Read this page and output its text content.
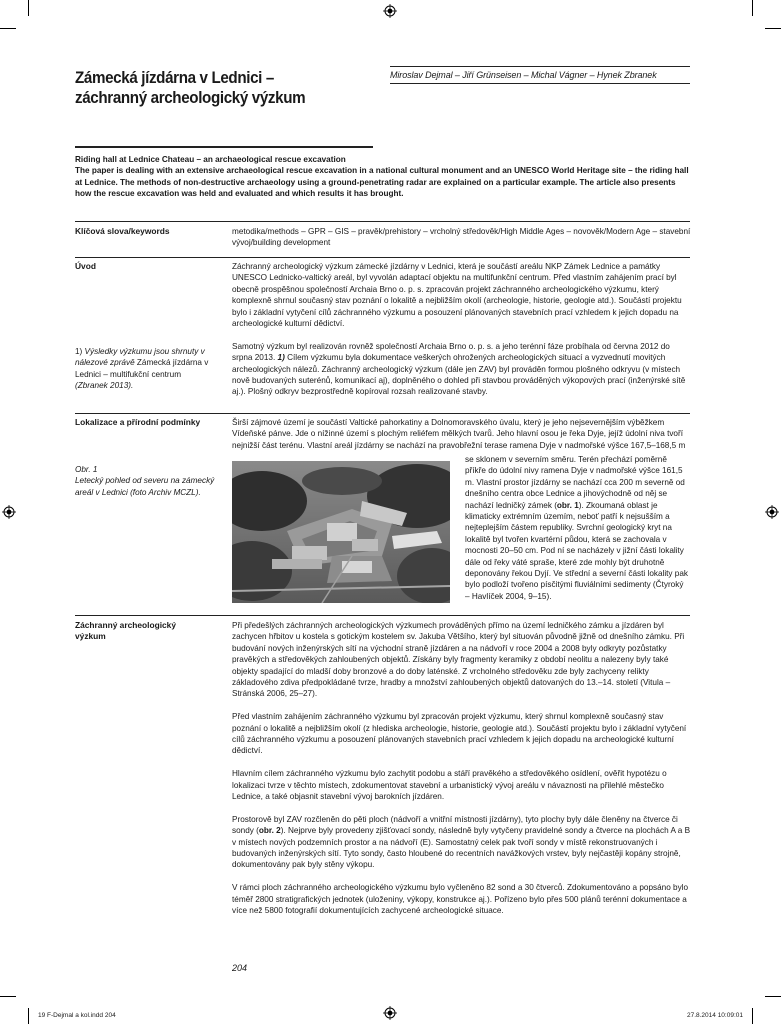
Zámecká jízdárna v Lednici –
záchranný archeologický výzkum
Miroslav Dejmal – Jiří Grünseisen – Michal Vágner – Hynek Zbranek
Riding hall at Lednice Chateau – an archaeological rescue excavation
The paper is dealing with an extensive archaeological rescue excavation in a national cultural monument and an UNESCO World Heritage site – the riding hall at Lednice. The methods of non-destructive archaeology using a ground-penetrating radar are explained on a particular example. The article also presents how the rescue excavation was held and evaluated and which results it has brought.
Klíčová slova/keywords	metodika/methods – GPR – GIS – pravěk/prehistory – vrcholný středověk/High Middle Ages – novověk/Modern Age – stavební vývoj/building development
Úvod	Záchranný archeologický výzkum zámecké jízdárny v Lednici, která je součástí areálu NKP Zámek Lednice a památky UNESCO Lednicko-valtický areál, byl vyvolán adaptací objektu na multifunkční centrum. Před vlastním zahájením prací byl obecně prospěšnou společností Archaia Brno o. p. s. zpracován projekt záchranného archeologického výzkumu, který komplexně shrnul současný stav poznání o lokalitě a nejbližším okolí (archeologie, historie, geologie atd.). Součástí projektu bylo i základní vytyčení cílů záchranného výzkumu a posouzení plánovaných stavebních prací vzhledem k jejich dopadu na archeologické kulturní dědictví.

Samotný výzkum byl realizován rovněž společností Archaia Brno o. p. s. a jeho terénní fáze probíhala od června 2012 do srpna 2013. 1) Cílem výzkumu byla dokumentace veškerých ohrožených archeologických situací a vyzvednutí movitých archeologických nálezů. Záchranný archeologický výzkum (dále jen ZAV) byl prováděn formou plošného odkryvu (v místech nově budovaných suterénů, komunikací aj), doplněného o dohled při stavbou prováděných výkopových prací (inženýrské sítě aj.). Plošný odkryv bezprostředně kopíroval rozsah realizované stavby.

1) Výsledky výzkumu jsou shrnuty v nálezové zprávě Zámecká jízdárna v Lednici – multifukční centrum
(Zbranek 2013).
Lokalizace a přírodní podmínky	Širší zájmové území je součástí Valtické pahorkatiny a Dolnomoravského úvalu, který je jeho nejsevernějším výběžkem Vídeňské pánve. Jde o nížinné území s plochým reliéfem mělkých tvarů. Jeho hlavní osou je řeka Dyje, jejíž údolní niva tvoří nejnižší část terénu. Vlastní areál jízdárny se nachází na pravobřežní terase ramena Dyje v nadmořské výšce 167,5–168,5 m
Obr. 1
Letecký pohled od severu na zámecký areál v Lednici (foto Archiv MCZL).
se sklonem v severním směru. Terén přechází poměrně příkře do údolní nivy ramena Dyje v nadmořské výšce 161,5 m. Vlastní prostor jízdárny se nachází cca 200 m severně od dnešního centra obce Lednice a jihovýchodně od něj se nachází ledničký zámek (obr. 1). Zkoumaná oblast je klimaticky extrémním územím, neboť patří k nejsušším a nejteplejším částem republiky. Svrchní geologický kryt na lokalitě byl tvořen kvartérní půdou, která se zachovala v mocnosti 20–50 cm. Pod ní se nacházely v jižní části lokality dále od řeky váté spraše, které zde mohly být druhotně deponovány řekou Dyjí. Ve střední a severní části lokality pak bylo podloží tvořeno písčitými fluviálními sedimenty (Čtyroký – Havlíček 2004, 9–15).
Záchranný archeologický
výzkum

Při předešlých záchranných archeologických výzkumech prováděných přímo na území ledničkého zámku a jízdáren byl zachycen hřbitov u kostela s gotickým kostelem sv. Jakuba Většího, který byl situován původně jižně od dnešního zámku. Při budování nových inženýrských sítí na východní straně jízdáren a na nádvoří v roce 2004 a 2008 byly odkryty pozůstatky pravěkých a středověkých zahloubených objektů. Získány byly fragmenty keramiky z období neolitu a nalezeny byly také objekty spadající do mladší doby bronzové a do doby laténské. Z vrcholného středověku zde byly zachyceny relikty základového zdiva předpokládané tvrze, hradby a množství zahloubených objektů datovaných do 13.–14. století (Vitula – Stránská 2006, 25–27).

Před vlastním zahájením záchranného výzkumu byl zpracován projekt výzkumu, který shrnul komplexně současný stav poznání o lokalitě a nejbližším okolí (z hlediska archeologie, historie, geologie atd.). Součástí projektu bylo i základní vytyčení cílů záchranného výzkumu a posouzení plánovaných stavebních prací vzhledem k jejich dopadu na archeologické kulturní dědictví.

Hlavním cílem záchranného výzkumu bylo zachytit podobu a stáří pravěkého a středověkého osídlení, ověřit hypotézu o lokalizaci tvrze v těchto místech, zdokumentovat stavební a urbanistický vývoj areálu v návaznosti na přilehlé městečko Lednice, a také objasnit stavební vývoj barokních jízdáren.

Prostorově byl ZAV rozčleněn do pěti ploch (nádvoří a vnitřní místnosti jízdárny), tyto plochy byly dále členěny na čtverce či sondy (obr. 2). Nejprve byly provedeny zjišťovací sondy, následně byly vytyčeny pravidelné sondy a čtverce na plochách A a B v místech nových podzemních prostor a na nádvoří (E). Samostatný celek pak tvoří sondy v místě rekonstruovaných i budovaných inženýrských sítí. Tyto sondy, často hloubené do recentních navážkových vrstev, byly nejčastěji kopány strojně, dokumentovány pak byly stěny výkopu.

V rámci ploch záchranného archeologického výzkumu bylo vyčleněno 82 sond a 30 čtverců. Zdokumentováno a popsáno bylo téměř 2800 stratigrafických jednotek (uloženiny, výkopy, konstrukce aj.). Pořízeno bylo přes 500 plánů terénní dokumentace a více než 5800 fotografií dokumentujících zachycené archeologické situace.

204
19 F-Dejmal a kol.indd 204	27.8.2014 10:09:01
